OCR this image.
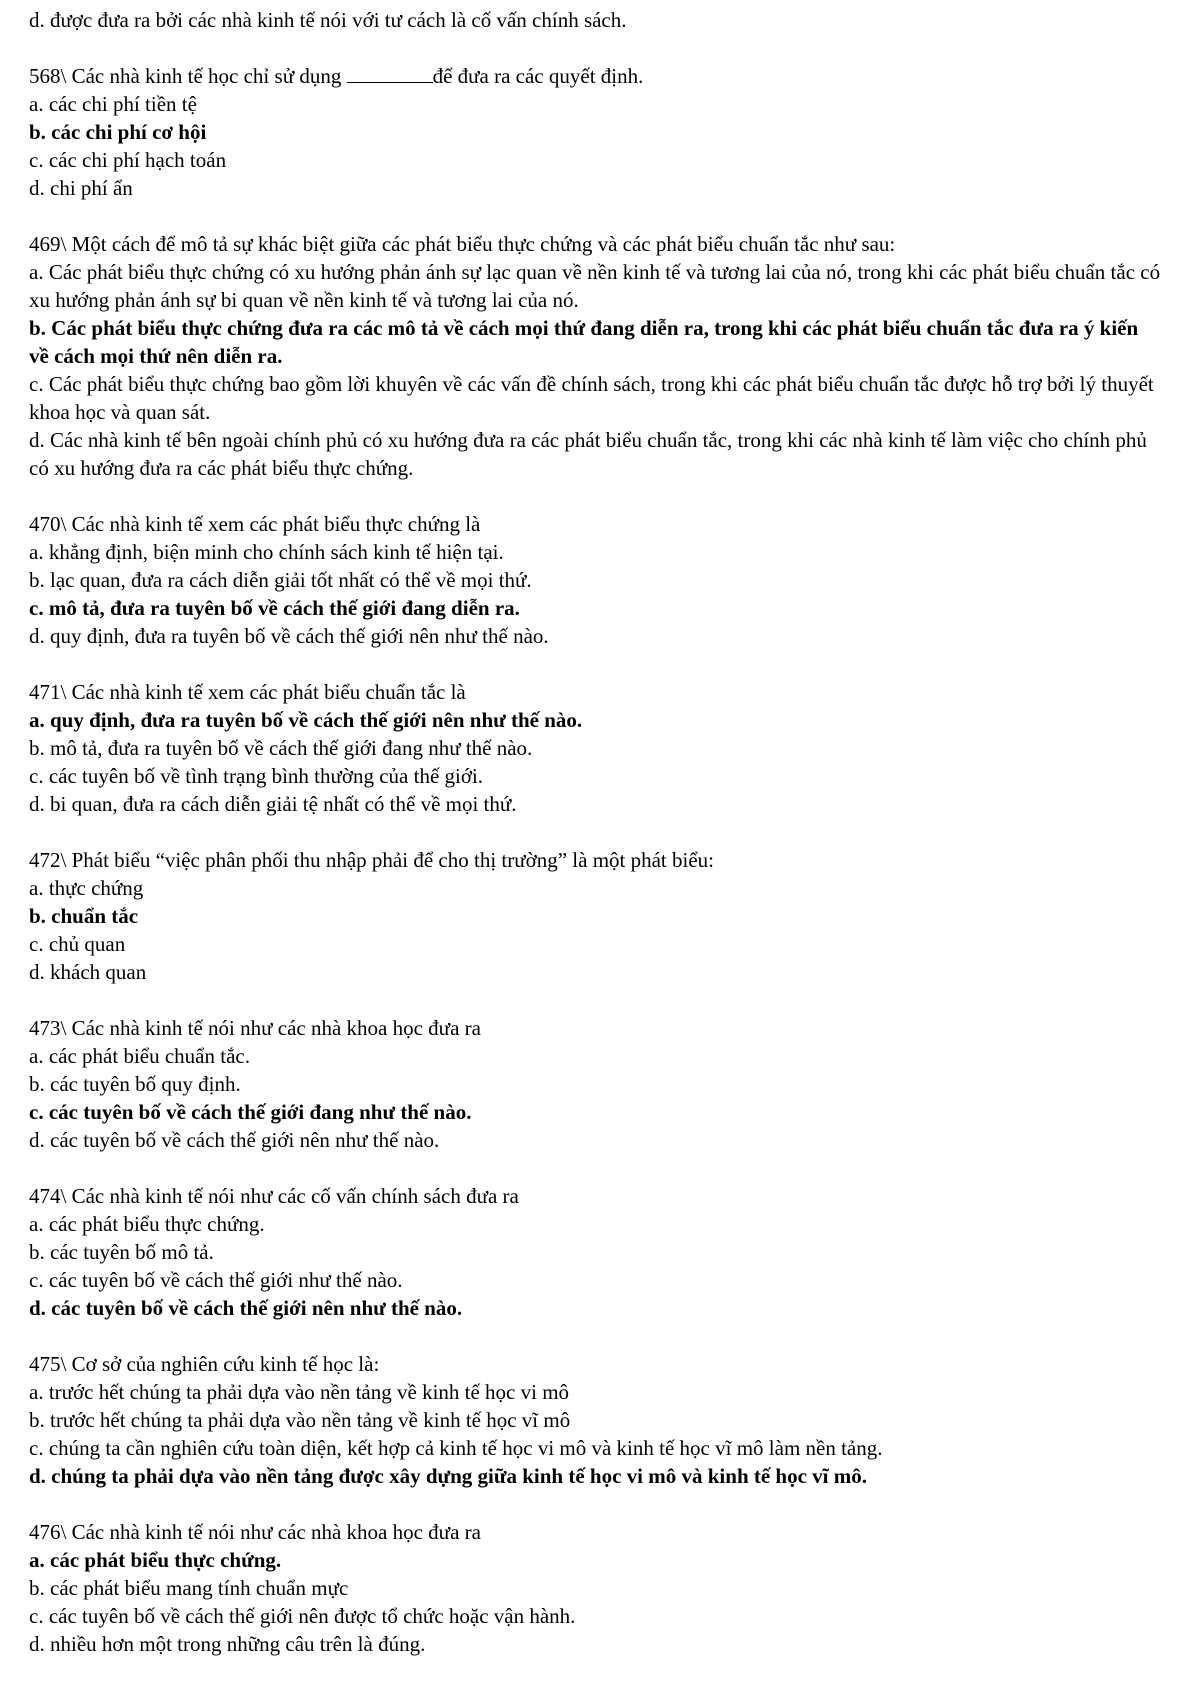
d. được đưa ra bởi các nhà kinh tế nói với tư cách là cố vấn chính sách.

568\ Các nhà kinh tế học chỉ sử dụng	để đưa ra các quyết định.

a. các chi phí tiền tệ

b. các chi phí cơ hội

c. các chi phí hạch toán

d. chi phí ẩn

469\ Một cách để mô tả sự khác biệt giữa các phát biểu thực chứng và các phát biểu chuẩn tắc như sau:

a. Các phát biểu thực chứng có xu hướng phản ánh sự lạc quan về nền kinh tế và tương lai của nó, trong khi các phát biểu chuẩn tắc có xu hướng phản ánh sự bi quan về nền kinh tế và tương lai của nó.

b. Các phát biểu thực chứng đưa ra các mô tả về cách mọi thứ đang diễn ra, trong khi các phát biểu chuẩn tắc đưa ra ý kiến về cách mọi thứ nên diễn ra.

c. Các phát biểu thực chứng bao gồm lời khuyên về các vấn đề chính sách, trong khi các phát biểu chuẩn tắc được hỗ trợ bởi lý thuyết khoa học và quan sát.

d. Các nhà kinh tế bên ngoài chính phủ có xu hướng đưa ra các phát biểu chuẩn tắc, trong khi các nhà kinh tế làm việc cho chính phủ có xu hướng đưa ra các phát biểu thực chứng.

470\ Các nhà kinh tế xem các phát biểu thực chứng là

a. khẳng định, biện minh cho chính sách kinh tế hiện tại.

b. lạc quan, đưa ra cách diễn giải tốt nhất có thể về mọi thứ.

c. mô tả, đưa ra tuyên bố về cách thế giới đang diễn ra.

d. quy định, đưa ra tuyên bố về cách thế giới nên như thế nào.

471\ Các nhà kinh tế xem các phát biểu chuẩn tắc là

a. quy định, đưa ra tuyên bố về cách thế giới nên như thế nào.

b. mô tả, đưa ra tuyên bố về cách thế giới đang như thế nào.

c. các tuyên bố về tình trạng bình thường của thế giới.

d. bi quan, đưa ra cách diễn giải tệ nhất có thể về mọi thứ.

472\ Phát biểu “việc phân phối thu nhập phải để cho thị trường” là một phát biểu:

a. thực chứng

b. chuẩn tắc

c. chủ quan

d. khách quan

473\ Các nhà kinh tế nói như các nhà khoa học đưa ra

a. các phát biểu chuẩn tắc.

b. các tuyên bố quy định.

c. các tuyên bố về cách thế giới đang như thế nào.

d. các tuyên bố về cách thế giới nên như thế nào.

474\ Các nhà kinh tế nói như các cố vấn chính sách đưa ra

a. các phát biểu thực chứng.

b. các tuyên bố mô tả.

c. các tuyên bố về cách thế giới như thế nào.

d. các tuyên bố về cách thế giới nên như thế nào.

475\ Cơ sở của nghiên cứu kinh tế học là:

a. trước hết chúng ta phải dựa vào nền tảng về kinh tế học vi mô

b. trước hết chúng ta phải dựa vào nền tảng về kinh tế học vĩ mô

c. chúng ta cần nghiên cứu toàn diện, kết hợp cả kinh tế học vi mô và kinh tế học vĩ mô làm nền tảng.

d. chúng ta phải dựa vào nền tảng được xây dựng giữa kinh tế học vi mô và kinh tế học vĩ mô.

476\ Các nhà kinh tế nói như các nhà khoa học đưa ra

a. các phát biểu thực chứng.

b. các phát biểu mang tính chuẩn mực

c. các tuyên bố về cách thế giới nên được tổ chức hoặc vận hành.

d. nhiều hơn một trong những câu trên là đúng.
